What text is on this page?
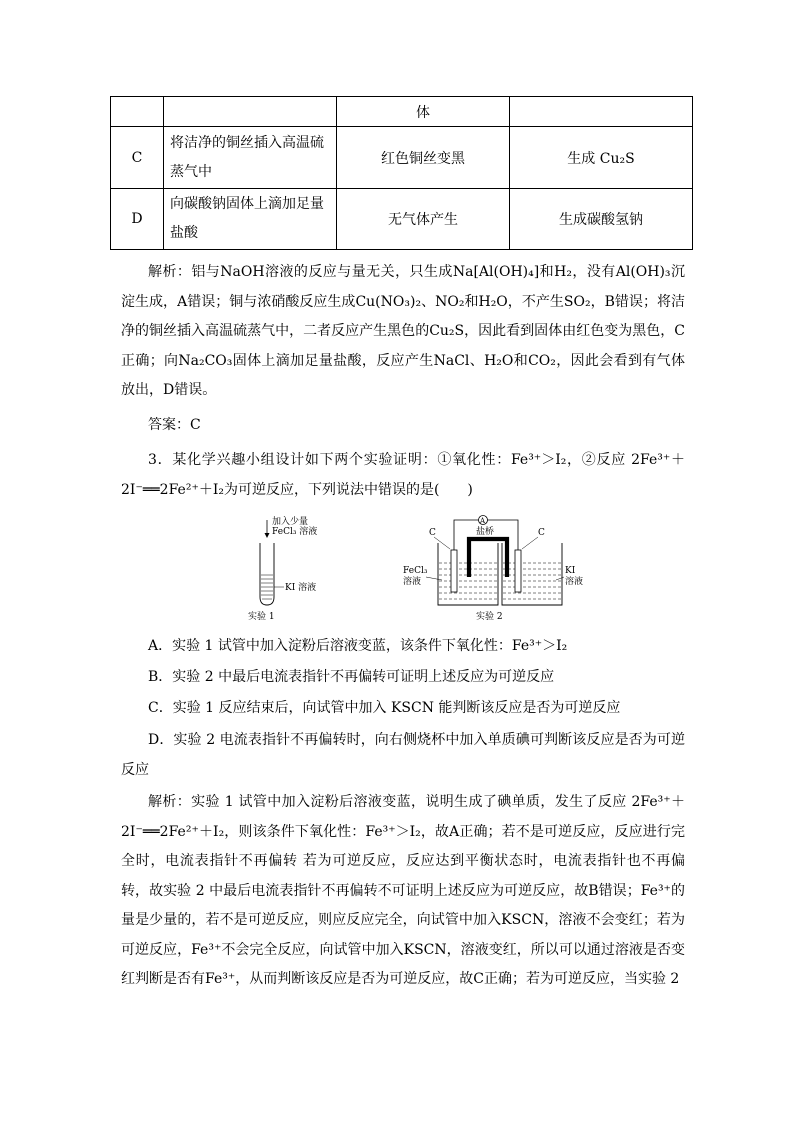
		体	
C	将洁净的铜丝插入高温硫蒸气中	红色铜丝变黑	生成 Cu₂S
D	向碳酸钠固体上滴加足量盐酸	无气体产生	生成碳酸氢钠
解析：铝与NaOH溶液的反应与量无关，只生成Na[Al(OH)₄]和H₂，没有Al(OH)₃沉淀生成，A错误；铜与浓硝酸反应生成Cu(NO₃)₂、NO₂和H₂O，不产生SO₂，B错误；将洁净的铜丝插入高温硫蒸气中，二者反应产生黑色的Cu₂S，因此看到固体由红色变为黑色，C正确；向Na₂CO₃固体上滴加足量盐酸，反应产生NaCl、H₂O和CO₂，因此会看到有气体放出，D错误。
答案：C
3．某化学兴趣小组设计如下两个实验证明：①氧化性：Fe³⁺＞I₂，②反应 2Fe³⁺＋2I⁻══2Fe²⁺＋I₂为可逆反应，下列说法中错误的是(　　)
加入少量
FeCl₃ 溶液
KI 溶液
实验 1
A
盐桥
C	C
FeCl₃
溶液
KI
溶液
实验 2
A．实验 1 试管中加入淀粉后溶液变蓝，该条件下氧化性：Fe³⁺＞I₂
B．实验 2 中最后电流表指针不再偏转可证明上述反应为可逆反应
C．实验 1 反应结束后，向试管中加入 KSCN 能判断该反应是否为可逆反应
D．实验 2 电流表指针不再偏转时，向右侧烧杯中加入单质碘可判断该反应是否为可逆反应
解析：实验 1 试管中加入淀粉后溶液变蓝，说明生成了碘单质，发生了反应 2Fe³⁺＋2I⁻══2Fe²⁺＋I₂，则该条件下氧化性：Fe³⁺＞I₂，故A正确；若不是可逆反应，反应进行完全时，电流表指针不再偏转 若为可逆反应，反应达到平衡状态时，电流表指针也不再偏转，故实验 2 中最后电流表指针不再偏转不可证明上述反应为可逆反应，故B错误；Fe³⁺的量是少量的，若不是可逆反应，则应反应完全，向试管中加入KSCN，溶液不会变红；若为可逆反应，Fe³⁺不会完全反应，向试管中加入KSCN，溶液变红，所以可以通过溶液是否变红判断是否有Fe³⁺，从而判断该反应是否为可逆反应，故C正确；若为可逆反应，当实验 2
